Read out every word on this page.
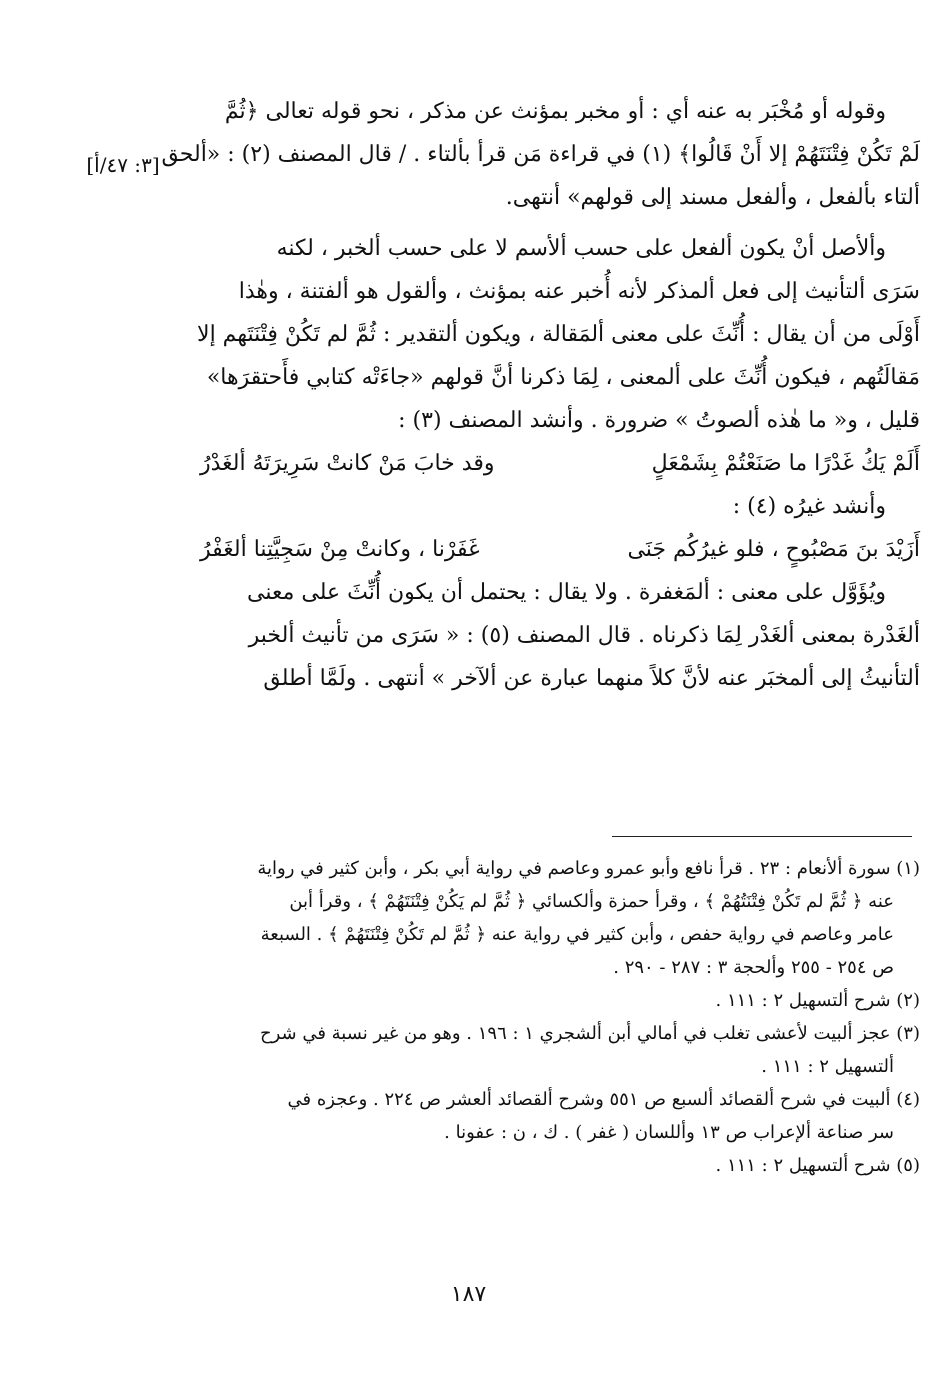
[٣: ٤٧/أ]
وقوله أو مُخْبَر به عنه أي : أو مخبر بمؤنث عن مذكر ، نحو قوله تعالى ﴿ثُمَّ
لَمْ تَكُنْ فِتْنَتَهُمْ إلا أَنْ قَالُوا﴾ (١) في قراءة مَن قرأ بألتاء . / قال المصنف (٢) : «ألحق
ألتاء بألفعل ، وألفعل مسند إلى قولهم» أنتهى.
وألأصل أنْ يكون ألفعل على حسب ألأسم لا على حسب ألخبر ، لكنه
سَرَى ألتأنيث إلى فعل ألمذكر لأنه أُخبر عنه بمؤنث ، وألقول هو ألفتنة ، وهٰذا
أَوْلَى من أن يقال : أُنِّثَ على معنى ألمَقالة ، ويكون ألتقدير : ثُمَّ لم تَكُنْ فِتْنَتَهم إلا
مَقالَتُهم ، فيكون أُنِّثَ على ألمعنى ، لِمَا ذكرنا أنَّ قولهم «جاءَتْه كتابي فأَحتقرَها»
قليل ، و« ما هٰذه ألصوتُ » ضرورة . وأنشد المصنف (٣) :
أَلَمْ يَكُ غَدْرًا ما صَنَعْتُمْ بِشَمْعَلٍ
وقد خابَ مَنْ كانتْ سَرِيرَتَهُ ألغَدْرُ
وأنشد غيرُه (٤) :
أَزَيْدَ بنَ مَصْبُوحٍ ، فلو غيرُكُم جَنَى
غَفَرْنا ، وكانتْ مِنْ سَجِيَّتِنا ألغَفْرُ
ويُؤَوَّل على معنى : ألمَغفرة . ولا يقال : يحتمل أن يكون أُنِّثَ على معنى
ألغَدْرة بمعنى ألغَدْر لِمَا ذكرناه . قال المصنف (٥) : « سَرَى من تأنيث ألخبر
ألتأنيثُ إلى ألمخبَر عنه لأنَّ كلاً منهما عبارة عن ألآخر » أنتهى . ولَمَّا أطلق
(١) سورة ألأنعام : ٢٣ . قرأ نافع وأبو عمرو وعاصم في رواية أبي بكر ، وأبن كثير في رواية
عنه ﴿ ثُمَّ لم تَكُنْ فِتْنَتُهُمْ ﴾ ، وقرأ حمزة وألكسائي ﴿ ثُمَّ لم يَكُنْ فِتْنَتَهُمْ ﴾ ، وقرأ أبن
عامر وعاصم في رواية حفص ، وأبن كثير في رواية عنه ﴿ ثُمَّ لم تَكُنْ فِتْنَتَهُمْ ﴾ . السبعة
ص ٢٥٤ - ٢٥٥ وألحجة ٣ : ٢٨٧ - ٢٩٠ .
(٢) شرح ألتسهيل ٢ : ١١١ .
(٣) عجز ألبيت لأعشى تغلب في أمالي أبن ألشجري ١ : ١٩٦ . وهو من غير نسبة في شرح
ألتسهيل ٢ : ١١١ .
(٤) ألبيت في شرح ألقصائد ألسبع ص ٥٥١ وشرح ألقصائد ألعشر ص ٢٢٤ . وعجزه في
سر صناعة ألإعراب ص ١٣ وأللسان ( غفر ) . ك ، ن : عفونا .
(٥) شرح ألتسهيل ٢ : ١١١ .
١٨٧
